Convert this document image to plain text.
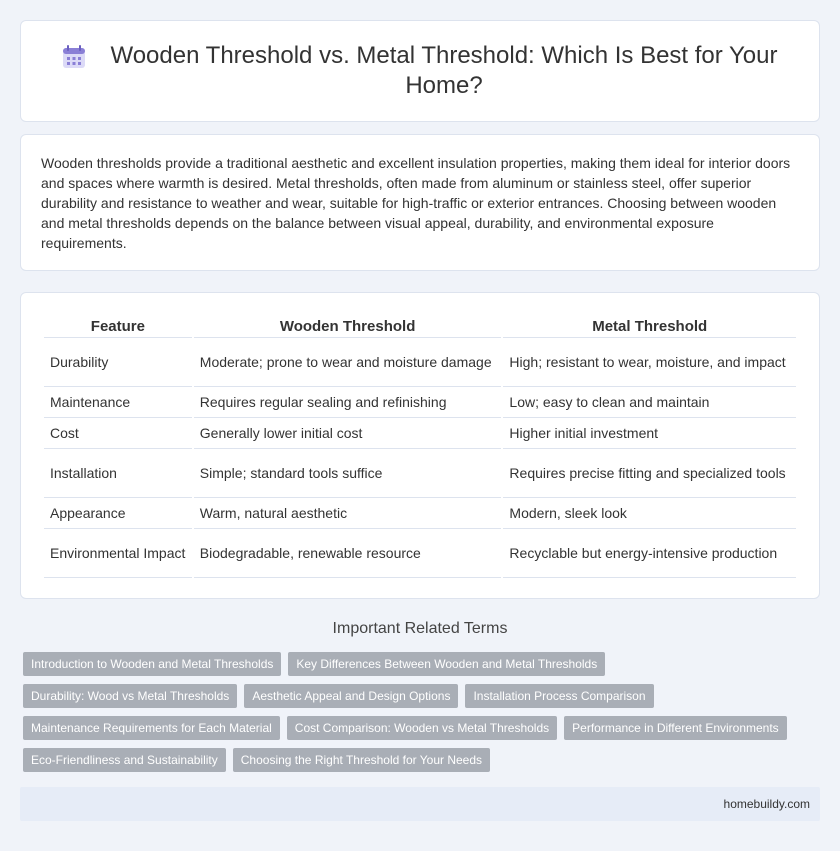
Wooden Threshold vs. Metal Threshold: Which Is Best for Your Home?

Wooden thresholds provide a traditional aesthetic and excellent insulation properties, making them ideal for interior doors and spaces where warmth is desired. Metal thresholds, often made from aluminum or stainless steel, offer superior durability and resistance to weather and wear, suitable for high-traffic or exterior entrances. Choosing between wooden and metal thresholds depends on the balance between visual appeal, durability, and environmental exposure requirements.

Feature	Wooden Threshold	Metal Threshold
Durability	Moderate; prone to wear and moisture damage	High; resistant to wear, moisture, and impact
Maintenance	Requires regular sealing and refinishing	Low; easy to clean and maintain
Cost	Generally lower initial cost	Higher initial investment
Installation	Simple; standard tools suffice	Requires precise fitting and specialized tools
Appearance	Warm, natural aesthetic	Modern, sleek look
Environmental Impact	Biodegradable, renewable resource	Recyclable but energy-intensive production
Important Related Terms
Introduction to Wooden and Metal Thresholds	Key Differences Between Wooden and Metal Thresholds
Durability: Wood vs Metal Thresholds	Aesthetic Appeal and Design Options	Installation Process Comparison
Maintenance Requirements for Each Material	Cost Comparison: Wooden vs Metal Thresholds	Performance in Different Environments
Eco-Friendliness and Sustainability	Choosing the Right Threshold for Your Needs
homebuildy.com
